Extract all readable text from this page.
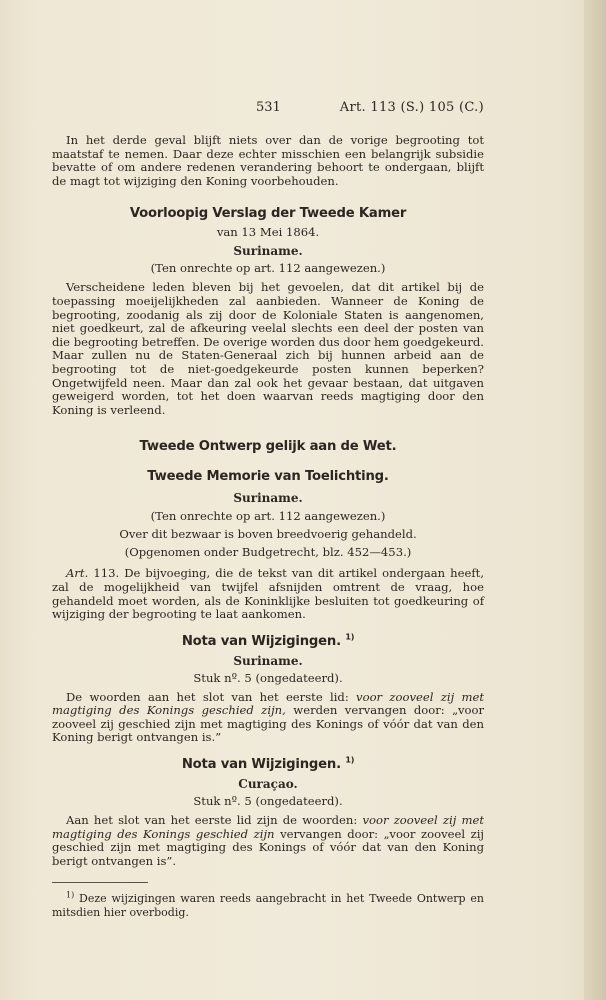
531	Art. 113 (S.) 105 (C.)

In het derde geval blijft niets over dan de vorige begrooting tot maatstaf te nemen. Daar deze echter misschien een belangrijk subsidie bevatte of om andere redenen verandering behoort te ondergaan, blijft de magt tot wijziging den Koning voorbehouden.

Voorloopig Verslag der Tweede Kamer
van 13 Mei 1864.
Suriname.
(Ten onrechte op art. 112 aangewezen.)

Verscheidene leden bleven bij het gevoelen, dat dit artikel bij de toepassing moeijelijkheden zal aanbieden. Wanneer de Koning de begrooting, zoodanig als zij door de Koloniale Staten is aangenomen, niet goedkeurt, zal de afkeuring veelal slechts een deel der posten van die begrooting betreffen. De overige worden dus door hem goedgekeurd. Maar zullen nu de Staten-Generaal zich bij hunnen arbeid aan de begrooting tot de niet-goedgekeurde posten kunnen beperken? Ongetwijfeld neen. Maar dan zal ook het gevaar bestaan, dat uitgaven geweigerd worden, tot het doen waarvan reeds magtiging door den Koning is verleend.

Tweede Ontwerp gelijk aan de Wet.
Tweede Memorie van Toelichting.
Suriname.
(Ten onrechte op art. 112 aangewezen.)
Over dit bezwaar is boven breedvoerig gehandeld.
(Opgenomen onder Budgetrecht, blz. 452—453.)

Art. 113. De bijvoeging, die de tekst van dit artikel ondergaan heeft, zal de mogelijkheid van twijfel afsnijden omtrent de vraag, hoe gehandeld moet worden, als de Koninklijke besluiten tot goedkeuring of wijziging der begrooting te laat aankomen.

Nota van Wijzigingen. $^{1)}$
Suriname.
Stuk nº. 5 (ongedateerd).

De woorden aan het slot van het eerste lid: voor zooveel zij met magtiging des Konings geschied zijn, werden vervangen door: „voor zooveel zij geschied zijn met magtiging des Konings of vóór dat van den Koning berigt ontvangen is.”

Nota van Wijzigingen. $^{1)}$
Curaçao.
Stuk nº. 5 (ongedateerd).

Aan het slot van het eerste lid zijn de woorden: voor zooveel zij met magtiging des Konings geschied zijn vervangen door: „voor zooveel zij geschied zijn met magtiging des Konings of vóór dat van den Koning berigt ontvangen is”.

$^{1)}$ Deze wijzigingen waren reeds aangebracht in het Tweede Ontwerp en mitsdien hier overbodig.
